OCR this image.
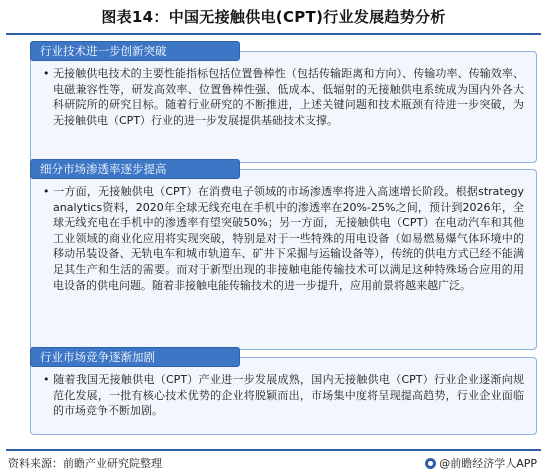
图表14：中国无接触供电(CPT)行业发展趋势分析
行业技术进一步创新突破

• 无接触供电技术的主要性能指标包括位置鲁棒性（包括传输距离和方向）、传输功率、传输效率、电磁兼容性等，研发高效率、位置鲁棒性强、低成本、低辐射的无接触供电系统成为国内外各大科研院所的研究目标。随着行业研究的不断推进，上述关键问题和技术瓶颈有待进一步突破，为无接触供电（CPT）行业的进一步发展提供基础技术支撑。

细分市场渗透率逐步提高

• 一方面，无接触供电（CPT）在消费电子领域的市场渗透率将进入高速增长阶段。根据strategy analytics资料，2020年全球无线充电在手机中的渗透率在20%-25%之间，预计到2026年，全球无线充电在手机中的渗透率有望突破50%；另一方面，无接触供电（CPT）在电动汽车和其他工业领域的商业化应用将实现突破，特别是对于一些特殊的用电设备（如易燃易爆气体环境中的移动吊装设备、无轨电车和城市轨道车、矿井下采掘与运输设备等），传统的供电方式已经不能满足其生产和生活的需要。而对于新型出现的非接触电能传输技术可以满足这种特殊场合应用的用电设备的供电问题。随着非接触电能传输技术的进一步提升，应用前景将越来越广泛。

行业市场竞争逐渐加剧

• 随着我国无接触供电（CPT）产业进一步发展成熟，国内无接触供电（CPT）行业企业逐渐向规范化发展，一批有核心技术优势的企业将脱颖而出，市场集中度将呈现提高趋势，行业企业面临的市场竞争不断加剧。

资料来源：前瞻产业研究院整理	@前瞻经济学人APP
